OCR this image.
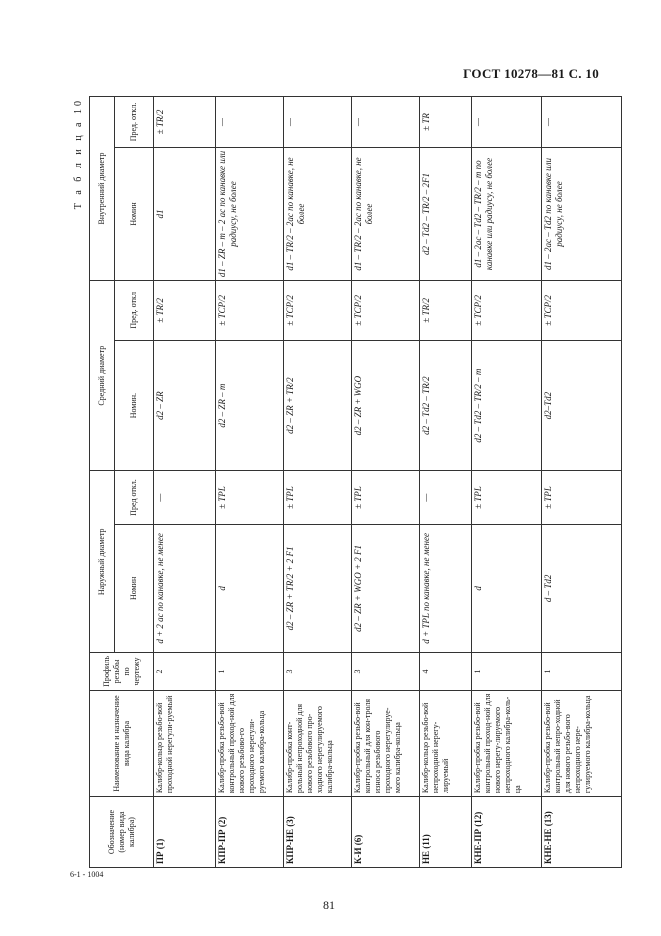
ГОСТ 10278—81 С. 10
Т а б л и ц а 10
Обозначение (номер вида калибра)	Наименование и назначение вида калибра	Профиль резьбы по чертежу	Наружный диаметр		Средний диаметр		Внутренний диаметр	
			Номин	Пред откл.	Номин.	Пред. откл	Номин	Пред. откл.
ПР (1)	Калибр-кольцо резьбо-вой проходной нерегули-руемый	2	d + 2 aс по канавке, не менее	—	d2 – ZR	± TR/2	d1	± TR/2
КПР-ПР (2)	Калибр-пробка резьбо-вой контрольный проход-ной для нового резьбово-го проходного нерегули-руемого калибра-кольца	1	d	± TPL	d2 – ZR – m	± TCP/2	d1 – ZR – m – 2 aс по канавке или радиусу, не более	—
КПР-НЕ (3)	Калибр-пробка конт-рольный непроходной для нового резьбового про-ходного нерегулируемого калибра-кольца	3	d2 – ZR + TR/2 + 2 F1	± TPL	d2 – ZR + TR/2	± TCP/2	d1 – TR/2 – 2aс по канавке, не более	—
К-И (6)	Калибр-пробка резьбо-вой контрольный для кон-троля износа резьбового проходного нерегулируе-мого калибра-кольца	3	d2 – ZR + WGO + 2 F1	± TPL	d2 – ZR + WGO	± TCP/2	d1 – TR/2 – 2aс по канавке, не более	—
НЕ (11)	Калибр-кольцо резьбо-вой непроходной нерегу-лируемый	4	d + TPL по канавке, не менее	—	d2 – Td2 – TR/2	± TR/2	d2 – Td2 – TR/2 – 2F1	± TR
КНЕ-ПР (12)	Калибр-пробка резьбо-вой контрольный проход-ной для нового нерегу-лируемого непроходного калибра-коль-ца	1	d	± TPL	d2 – Td2 – TR/2 – m	± TCP/2	d1 – 2aс – Td2 – TR/2 – m по канавке или радиусу, не более	—
КНЕ-НЕ (13)	Калибр-пробка резьбо-вой контрольный непро-ходной для нового резьбо-вого непроходного нере-гулируемого калибра-кольца	1	d – Td2	± TPL	d2–Td2	± TCP/2	d1 – 2aс – Td2 по канавке или радиусу, не более	—
6-1 - 1004
81
